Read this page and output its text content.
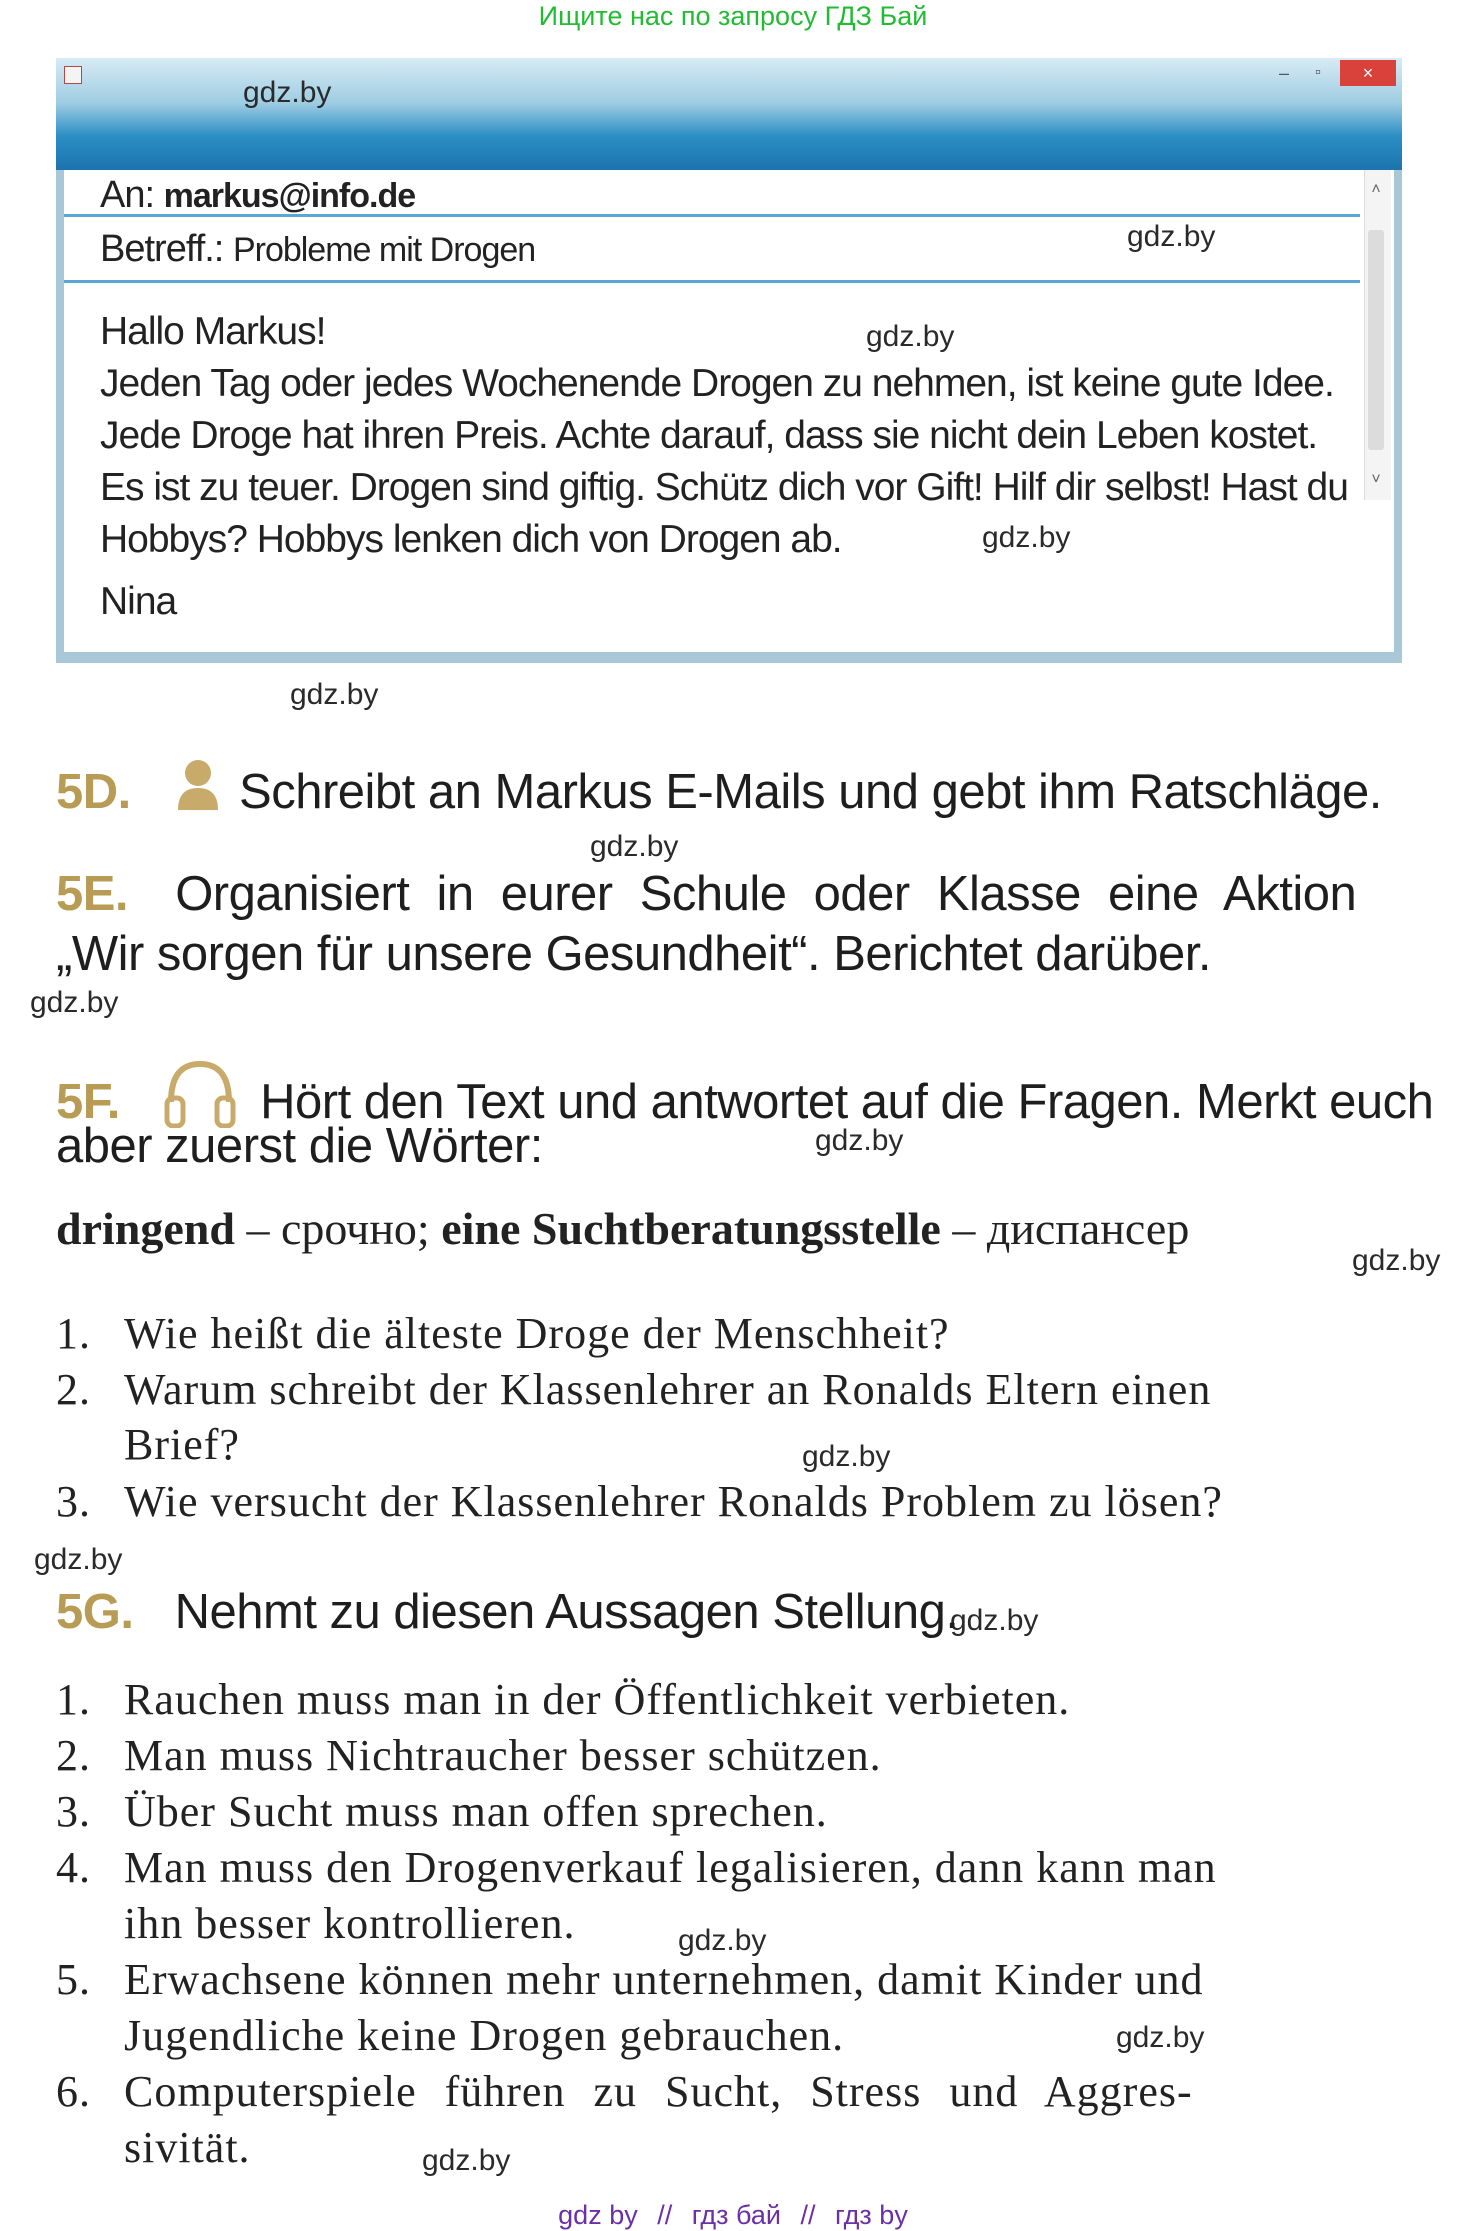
Ищите нас по запросу ГДЗ Бай
–	▫	×
An: markus@info.de
Betreff.: Probleme mit Drogen
Hallo Markus!
Jeden Tag oder jedes Wochenende Drogen zu nehmen, ist keine gute Idee.
Jede Droge hat ihren Preis. Achte darauf, dass sie nicht dein Leben kostet.
Es ist zu teuer. Drogen sind giftig. Schütz dich vor Gift! Hilf dir selbst! Hast du
Hobbys? Hobbys lenken dich von Drogen ab.
Nina
˄
˅
gdz.by
gdz.by
gdz.by
gdz.by
gdz.by
gdz.by
gdz.by
gdz.by
gdz.by
gdz.by
gdz.by
gdz.by
gdz.by
gdz.by
gdz.by
5D. Schreibt an Markus E-Mails und gebt ihm Ratschläge.
5E. Organisiert in eurer Schule oder Klasse eine Aktion
„Wir sorgen für unsere Gesundheit“. Berichtet darüber.
5F.	Hört den Text und antwortet auf die Fragen. Merkt euch
aber zuerst die Wörter:
dringend – срочно; eine Suchtberatungsstelle – диспансер
1. Wie heißt die älteste Droge der Menschheit?
2. Warum schreibt der Klassenlehrer an Ronalds Eltern einen
Brief?
3. Wie versucht der Klassenlehrer Ronalds Problem zu lösen?
5G. Nehmt zu diesen Aussagen Stellung.
1. Rauchen muss man in der Öffentlichkeit verbieten.
2. Man muss Nichtraucher besser schützen.
3. Über Sucht muss man offen sprechen.
4. Man muss den Drogenverkauf legalisieren, dann kann man
ihn besser kontrollieren.
5. Erwachsene können mehr unternehmen, damit Kinder und
Jugendliche keine Drogen gebrauchen.
6. Computerspiele führen zu Sucht, Stress und Aggres-
sivität.
gdz by // гдз бай // гдз by
